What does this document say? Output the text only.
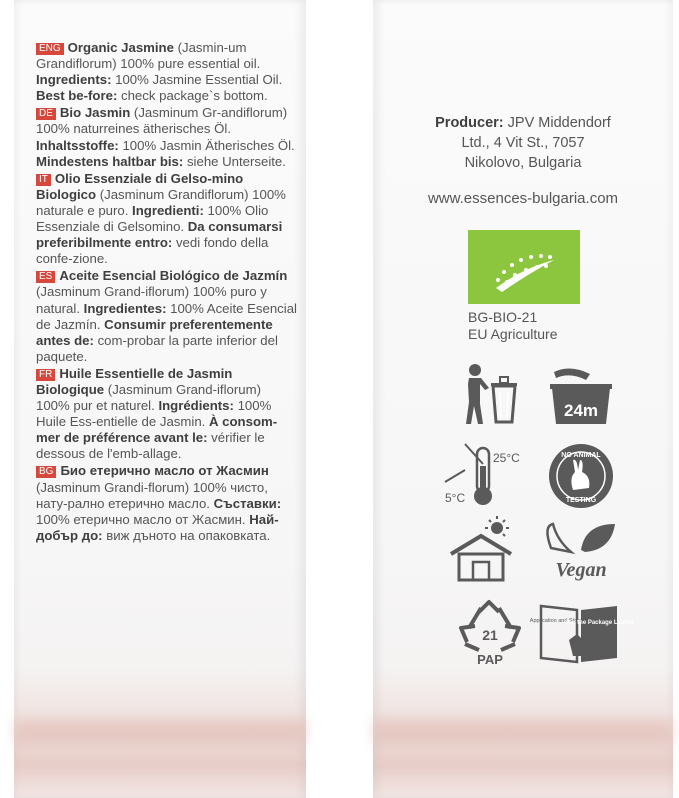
ENG Organic Jasmine (Jasmin-um Grandiflorum) 100% pure essential oil. Ingredients: 100% Jasmine Essential Oil. Best be-fore: check package`s bottom.
DE Bio Jasmin (Jasminum Gr-andiflorum) 100% naturreines ätherisches Öl. Inhaltsstoffe: 100% Jasmin Ätherisches Öl. Mindestens haltbar bis: siehe Unterseite.
IT Olio Essenziale di Gelso-mino Biologico (Jasminum Grandiflorum) 100% naturale e puro. Ingredienti: 100% Olio Essenziale di Gelsomino. Da consumarsi preferibilmente entro: vedi fondo della confe-zione.
ES Aceite Esencial Biológico de Jazmín (Jasminum Grand-iflorum) 100% puro y natural. Ingredientes: 100% Aceite Esencial de Jazmín. Consumir preferentemente antes de: com-probar la parte inferior del paquete.
FR Huile Essentielle de Jasmin Biologique (Jasminum Grand-iflorum) 100% pur et naturel. Ingrédients: 100% Huile Ess-entielle de Jasmin. À consom-mer de préférence avant le: vérifier le dessous de l'emb-allage.
BG Био етерично масло от Жасмин (Jasminum Grandi-florum) 100% чисто, нату-рално етерично масло. Съставки: 100% етерично масло от Жасмин. Най-добър до: виж дъното на опаковката.
Producer: JPV Middendorf
Ltd., 4 Vit St., 7057
Nikolovo, Bulgaria
www.essences-bulgaria.com
BG-BIO-21
EU Agriculture
24m
25°C
5°C
NO ANIMAL
TESTING
Vegan
21
PAP
Application and Storage
See the Package Leaflet
